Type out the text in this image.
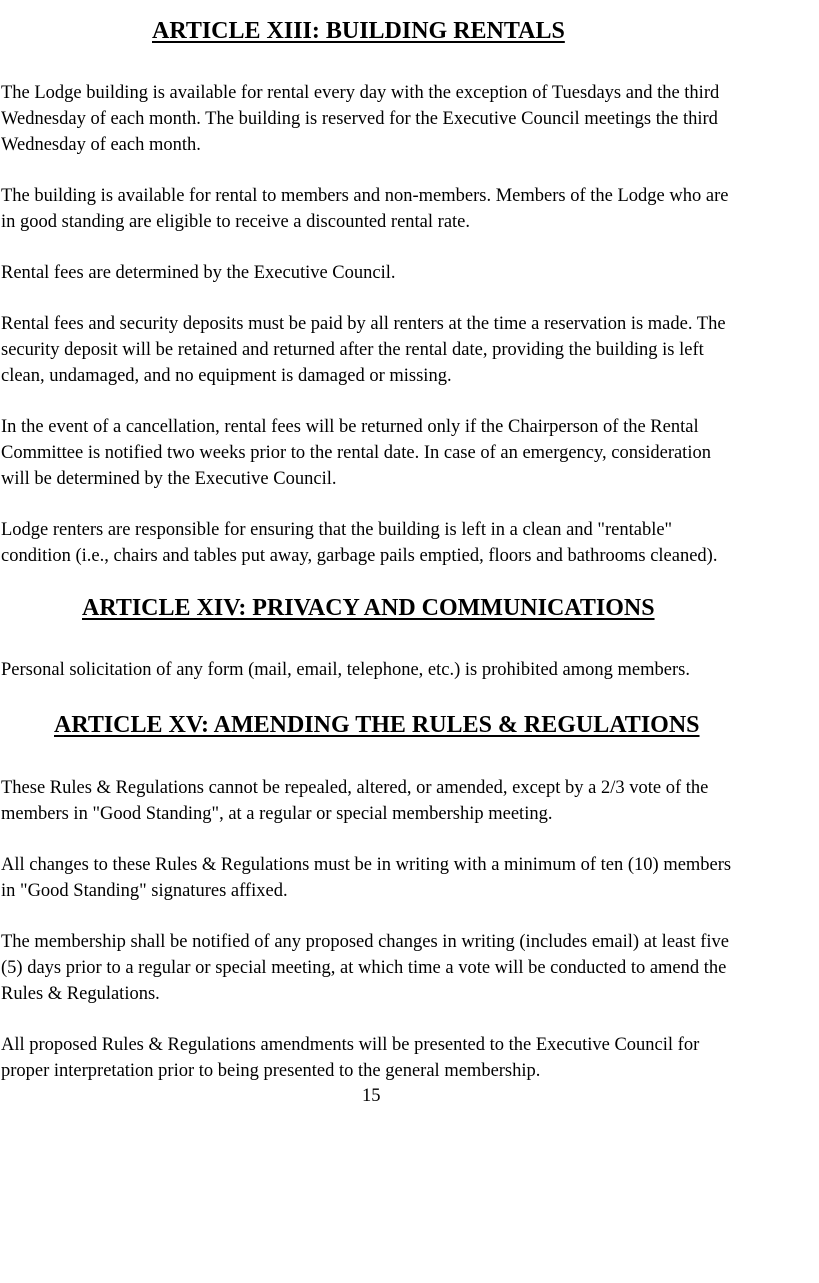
ARTICLE XIII: BUILDING RENTALS

The Lodge building is available for rental every day with the exception of Tuesdays and the third
Wednesday of each month. The building is reserved for the Executive Council meetings the third
Wednesday of each month.

The building is available for rental to members and non-members. Members of the Lodge who are
in good standing are eligible to receive a discounted rental rate.

Rental fees are determined by the Executive Council.

Rental fees and security deposits must be paid by all renters at the time a reservation is made. The
security deposit will be retained and returned after the rental date, providing the building is left
clean, undamaged, and no equipment is damaged or missing.

In the event of a cancellation, rental fees will be returned only if the Chairperson of the Rental
Committee is notified two weeks prior to the rental date. In case of an emergency, consideration
will be determined by the Executive Council.

Lodge renters are responsible for ensuring that the building is left in a clean and "rentable"
condition (i.e., chairs and tables put away, garbage pails emptied, floors and bathrooms cleaned).

ARTICLE XIV: PRIVACY AND COMMUNICATIONS

Personal solicitation of any form (mail, email, telephone, etc.) is prohibited among members.

ARTICLE XV: AMENDING THE RULES & REGULATIONS

These Rules & Regulations cannot be repealed, altered, or amended, except by a 2/3 vote of the
members in "Good Standing", at a regular or special membership meeting.

All changes to these Rules & Regulations must be in writing with a minimum of ten (10) members
in "Good Standing" signatures affixed.

The membership shall be notified of any proposed changes in writing (includes email) at least five
(5) days prior to a regular or special meeting, at which time a vote will be conducted to amend the
Rules & Regulations.

All proposed Rules & Regulations amendments will be presented to the Executive Council for
proper interpretation prior to being presented to the general membership.

15
